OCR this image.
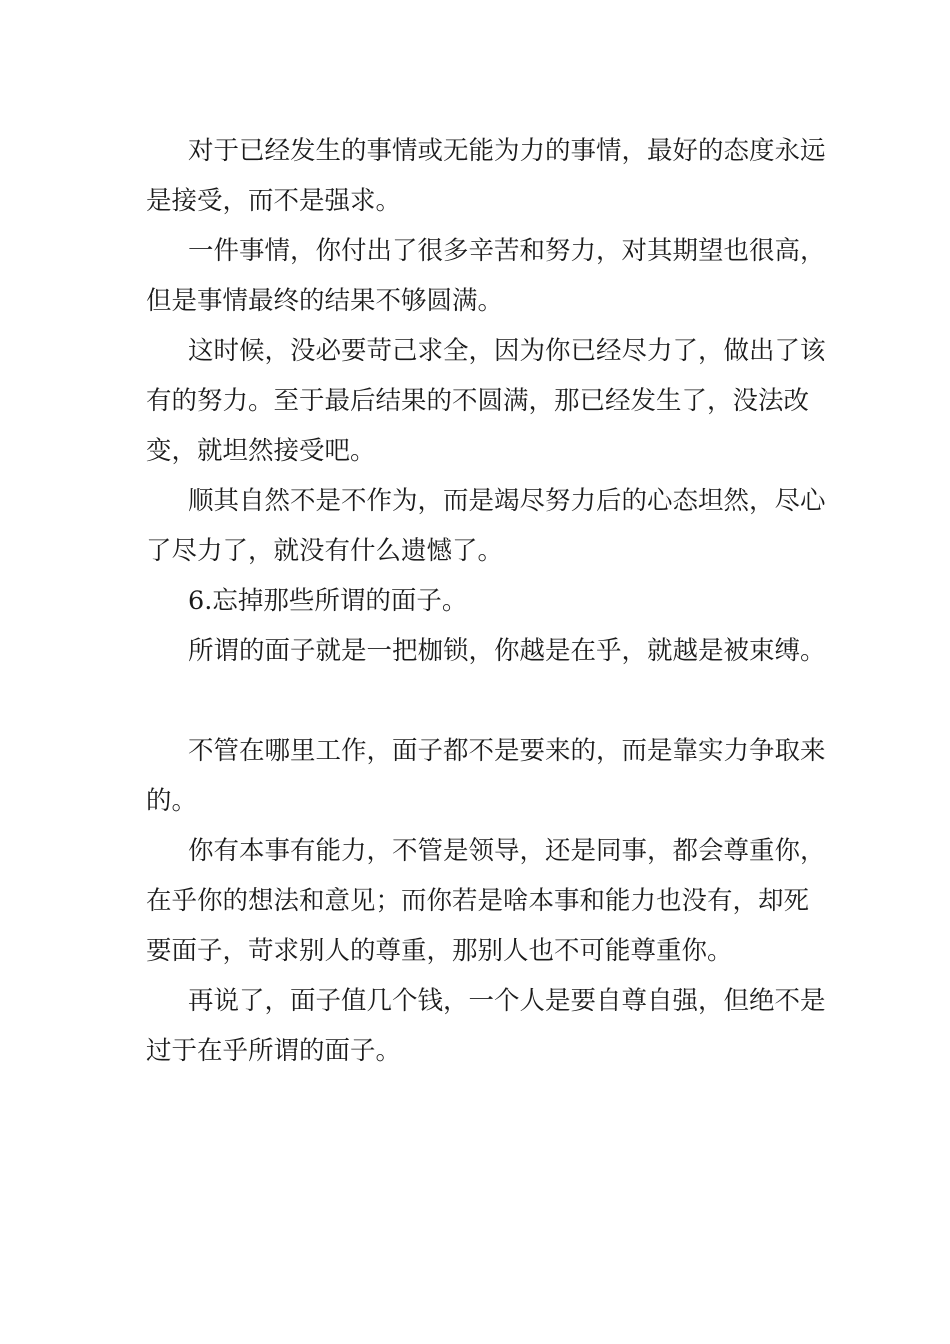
对于已经发生的事情或无能为力的事情，最好的态度永远是接受，而不是强求。

一件事情，你付出了很多辛苦和努力，对其期望也很高，但是事情最终的结果不够圆满。

这时候，没必要苛己求全，因为你已经尽力了，做出了该有的努力。至于最后结果的不圆满，那已经发生了，没法改变，就坦然接受吧。

顺其自然不是不作为，而是竭尽努力后的心态坦然，尽心了尽力了，就没有什么遗憾了。

6.忘掉那些所谓的面子。

所谓的面子就是一把枷锁，你越是在乎，就越是被束缚。

不管在哪里工作，面子都不是要来的，而是靠实力争取来的。

你有本事有能力，不管是领导，还是同事，都会尊重你，在乎你的想法和意见；而你若是啥本事和能力也没有，却死要面子，苛求别人的尊重，那别人也不可能尊重你。

再说了，面子值几个钱，一个人是要自尊自强，但绝不是过于在乎所谓的面子。
